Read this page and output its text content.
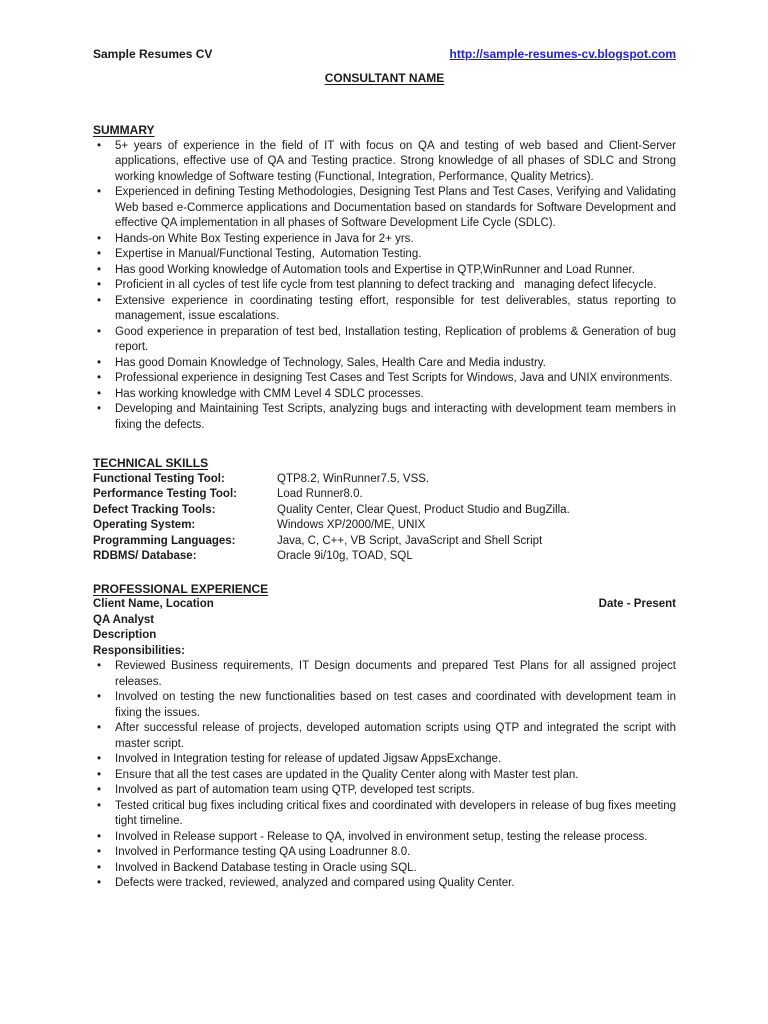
Sample Resumes CV	http://sample-resumes-cv.blogspot.com
CONSULTANT NAME
SUMMARY
• 5+ years of experience in the field of IT with focus on QA and testing of web based and Client-Server applications, effective use of QA and Testing practice. Strong knowledge of all phases of SDLC and Strong working knowledge of Software testing (Functional, Integration, Performance, Quality Metrics).
• Experienced in defining Testing Methodologies, Designing Test Plans and Test Cases, Verifying and Validating Web based e-Commerce applications and Documentation based on standards for Software Development and effective QA implementation in all phases of Software Development Life Cycle (SDLC).
• Hands-on White Box Testing experience in Java for 2+ yrs.
• Expertise in Manual/Functional Testing,  Automation Testing.
• Has good Working knowledge of Automation tools and Expertise in QTP,WinRunner and Load Runner.
• Proficient in all cycles of test life cycle from test planning to defect tracking and   managing defect lifecycle.
• Extensive experience in coordinating testing effort, responsible for test deliverables, status reporting to management, issue escalations.
• Good experience in preparation of test bed, Installation testing, Replication of problems & Generation of bug report.
• Has good Domain Knowledge of Technology, Sales, Health Care and Media industry.
• Professional experience in designing Test Cases and Test Scripts for Windows, Java and UNIX environments.
• Has working knowledge with CMM Level 4 SDLC processes.
• Developing and Maintaining Test Scripts, analyzing bugs and interacting with development team members in fixing the defects.
TECHNICAL SKILLS
Functional Testing Tool:	QTP8.2, WinRunner7.5, VSS.
Performance Testing Tool:	Load Runner8.0.
Defect Tracking Tools:	Quality Center, Clear Quest, Product Studio and BugZilla.
Operating System:	Windows XP/2000/ME, UNIX
Programming Languages:	Java, C, C++, VB Script, JavaScript and Shell Script
RDBMS/ Database:	Oracle 9i/10g, TOAD, SQL
PROFESSIONAL EXPERIENCE
Client Name, Location	Date - Present
QA Analyst
Description
Responsibilities:
• Reviewed Business requirements, IT Design documents and prepared Test Plans for all assigned project releases.
• Involved on testing the new functionalities based on test cases and coordinated with development team in fixing the issues.
• After successful release of projects, developed automation scripts using QTP and integrated the script with master script.
• Involved in Integration testing for release of updated Jigsaw AppsExchange.
• Ensure that all the test cases are updated in the Quality Center along with Master test plan.
• Involved as part of automation team using QTP, developed test scripts.
• Tested critical bug fixes including critical fixes and coordinated with developers in release of bug fixes meeting tight timeline.
• Involved in Release support - Release to QA, involved in environment setup, testing the release process.
• Involved in Performance testing QA using Loadrunner 8.0.
• Involved in Backend Database testing in Oracle using SQL.
• Defects were tracked, reviewed, analyzed and compared using Quality Center.
